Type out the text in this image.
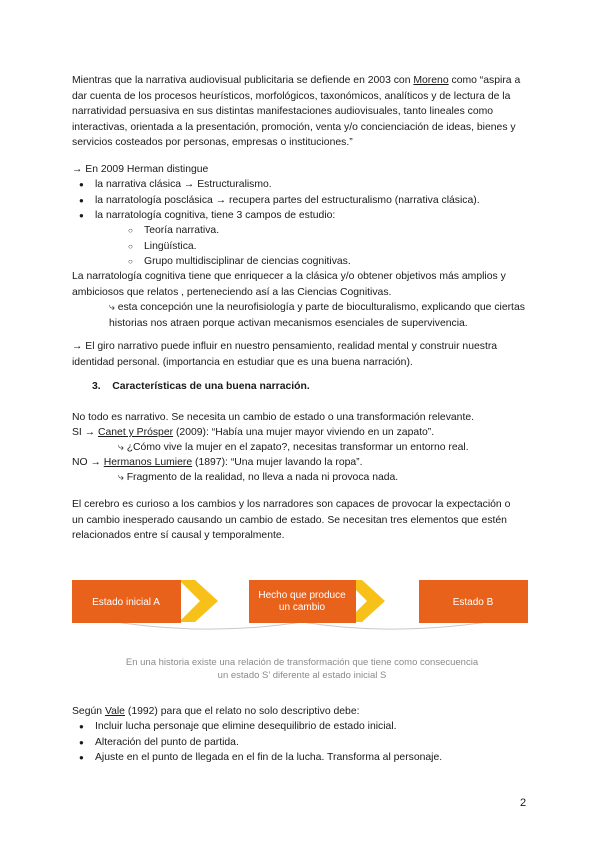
Mientras que la narrativa audiovisual publicitaria se defiende en 2003 con Moreno como “aspira a dar cuenta de los procesos heurísticos, morfológicos, taxonómicos, analíticos y de lectura de la narratividad persuasiva en sus distintas manifestaciones audiovisuales, tanto lineales como interactivas, orientada a la presentación, promoción, venta y/o concienciación de ideas, bienes y servicios costeados por personas, empresas o instituciones.”

→ En 2009 Herman distingue

● la narrativa clásica → Estructuralismo.
● la narratología posclásica → recupera partes del estructuralismo (narrativa clásica).
● la narratología cognitiva, tiene 3 campos de estudio:
○ Teoría narrativa.
○ Lingüística.
○ Grupo multidisciplinar de ciencias cognitivas.

La narratología cognitiva tiene que enriquecer a la clásica y/o obtener objetivos más amplios y ambiciosos que relatos , perteneciendo así a las Ciencias Cognitivas.

⤷ esta concepción une la neurofisiología y parte de bioculturalismo, explicando que ciertas historias nos atraen porque activan mecanismos esenciales de supervivencia.

→ El giro narrativo puede influir en nuestro pensamiento, realidad mental y construir nuestra identidad personal. (importancia en estudiar que es una buena narración).

3. Características de una buena narración.

No todo es narrativo. Se necesita un cambio de estado o una transformación relevante.

SI → Canet y Prósper (2009): “Había una mujer mayor viviendo en un zapato”.

⤷ ¿Cómo vive la mujer en el zapato?, necesitas transformar un entorno real.

NO → Hermanos Lumiere (1897): “Una mujer lavando la ropa”.

⤷ Fragmento de la realidad, no lleva a nada ni provoca nada.

El cerebro es curioso a los cambios y los narradores son capaces de provocar la expectación o un cambio inesperado causando un cambio de estado. Se necesitan tres elementos que estén relacionados entre sí causal y temporalmente.

Estado inicial A
Hecho que produce
un cambio	Estado B
En una historia existe una relación de transformación que tiene como consecuencia
un estado S’ diferente al estado inicial S

Según Vale (1992) para que el relato no solo descriptivo debe:

● Incluir lucha personaje que elimine desequilibrio de estado inicial.
● Alteración del punto de partida.
● Ajuste en el punto de llegada en el fin de la lucha. Transforma al personaje.
2
